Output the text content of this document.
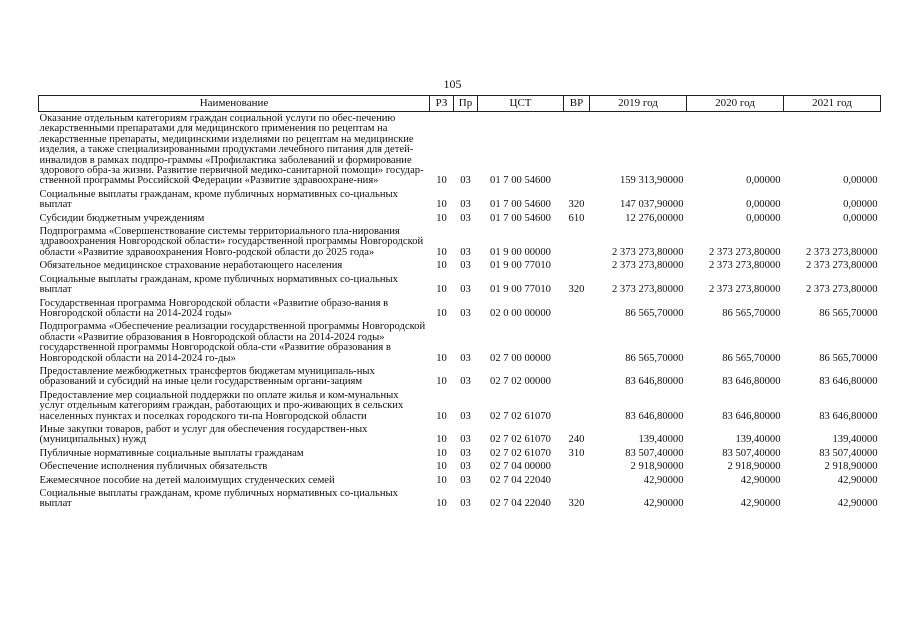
105
Наименование	РЗ	Пр	ЦСТ	ВР	2019 год	2020 год	2021 год
Оказание отдельным категориям граждан социальной услуги по обес-печению лекарственными препаратами для медицинского применения по рецептам на лекарственные препараты, медицинскими изделиями по рецептам на медицинские изделия, а также специализированными продуктами лечебного питания для детей-инвалидов в рамках подпро-граммы «Профилактика заболеваний и формирование здорового обра-за жизни. Развитие первичной медико-санитарной помощи» государ-ственной программы Российской Федерации «Развитие здравоохране-ния»	10	03	01 7 00 54600		159 313,90000	0,00000	0,00000
Социальные выплаты гражданам, кроме публичных нормативных со-циальных выплат	10	03	01 7 00 54600	320	147 037,90000	0,00000	0,00000
Субсидии бюджетным учреждениям	10	03	01 7 00 54600	610	12 276,00000	0,00000	0,00000
Подпрограмма «Совершенствование системы территориального пла-нирования здравоохранения Новгородской области» государственной программы Новгородской области «Развитие здравоохранения Новго-родской области до 2025 года»	10	03	01 9 00 00000		2 373 273,80000	2 373 273,80000	2 373 273,80000
Обязательное медицинское страхование неработающего населения	10	03	01 9 00 77010		2 373 273,80000	2 373 273,80000	2 373 273,80000
Социальные выплаты гражданам, кроме публичных нормативных со-циальных выплат	10	03	01 9 00 77010	320	2 373 273,80000	2 373 273,80000	2 373 273,80000
Государственная программа Новгородской области «Развитие образо-вания в Новгородской области на 2014-2024 годы»	10	03	02 0 00 00000		86 565,70000	86 565,70000	86 565,70000
Подпрограмма «Обеспечение реализации государственной программы Новгородской области «Развитие образования в Новгородской области на 2014-2024 годы» государственной программы Новгородской обла-сти «Развитие образования в Новгородской области на 2014-2024 го-ды»	10	03	02 7 00 00000		86 565,70000	86 565,70000	86 565,70000
Предоставление межбюджетных трансфертов бюджетам муниципаль-ных образований и субсидий на иные цели государственным органи-зациям	10	03	02 7 02 00000		83 646,80000	83 646,80000	83 646,80000
Предоставление мер социальной поддержки по оплате жилья и ком-мунальных услуг отдельным категориям граждан, работающих и про-живающих в сельских населенных пунктах и поселках городского ти-па Новгородской области	10	03	02 7 02 61070		83 646,80000	83 646,80000	83 646,80000
Иные закупки товаров, работ и услуг для обеспечения государствен-ных (муниципальных) нужд	10	03	02 7 02 61070	240	139,40000	139,40000	139,40000
Публичные нормативные социальные выплаты гражданам	10	03	02 7 02 61070	310	83 507,40000	83 507,40000	83 507,40000
Обеспечение исполнения публичных обязательств	10	03	02 7 04 00000		2 918,90000	2 918,90000	2 918,90000
Ежемесячное пособие на детей малоимущих студенческих семей	10	03	02 7 04 22040		42,90000	42,90000	42,90000
Социальные выплаты гражданам, кроме публичных нормативных со-циальных выплат	10	03	02 7 04 22040	320	42,90000	42,90000	42,90000
